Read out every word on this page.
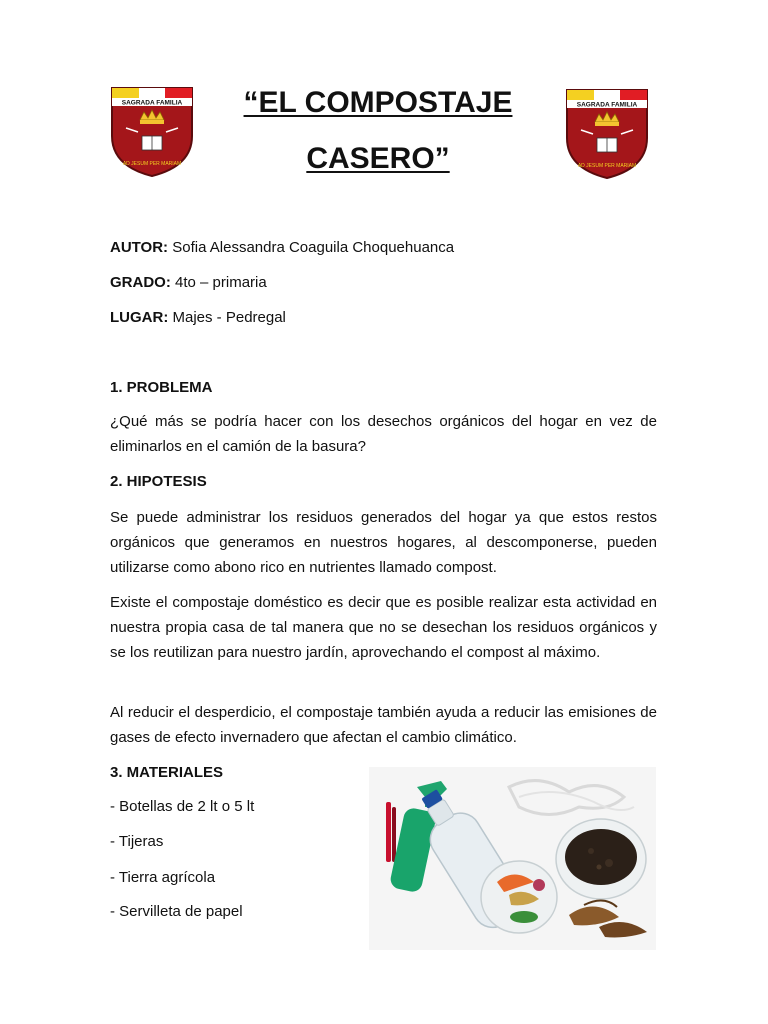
SAGRADA FAMILIA
AD JESUM PER MARIAM
SAGRADA FAMILIA
AD JESUM PER MARIAM
“EL COMPOSTAJE
CASERO”
AUTOR: Sofia Alessandra Coaguila Choquehuanca
GRADO: 4to – primaria
LUGAR: Majes - Pedregal
1. PROBLEMA
¿Qué más se podría hacer con los desechos orgánicos del hogar en vez de eliminarlos en el camión de la basura?
2. HIPOTESIS
Se puede administrar los residuos generados del hogar ya que estos restos orgánicos que generamos en nuestros hogares, al descomponerse, pueden utilizarse como abono rico en nutrientes llamado compost.
Existe el compostaje doméstico es decir que es posible realizar esta actividad en nuestra propia casa de tal manera que no se desechan los residuos orgánicos y se los reutilizan para nuestro jardín, aprovechando el compost al máximo.
Al reducir el desperdicio, el compostaje también ayuda a reducir las emisiones de gases de efecto invernadero que afectan el cambio climático.
3. MATERIALES
- Botellas de 2 lt o 5 lt
- Tijeras
- Tierra agrícola
- Servilleta de papel
